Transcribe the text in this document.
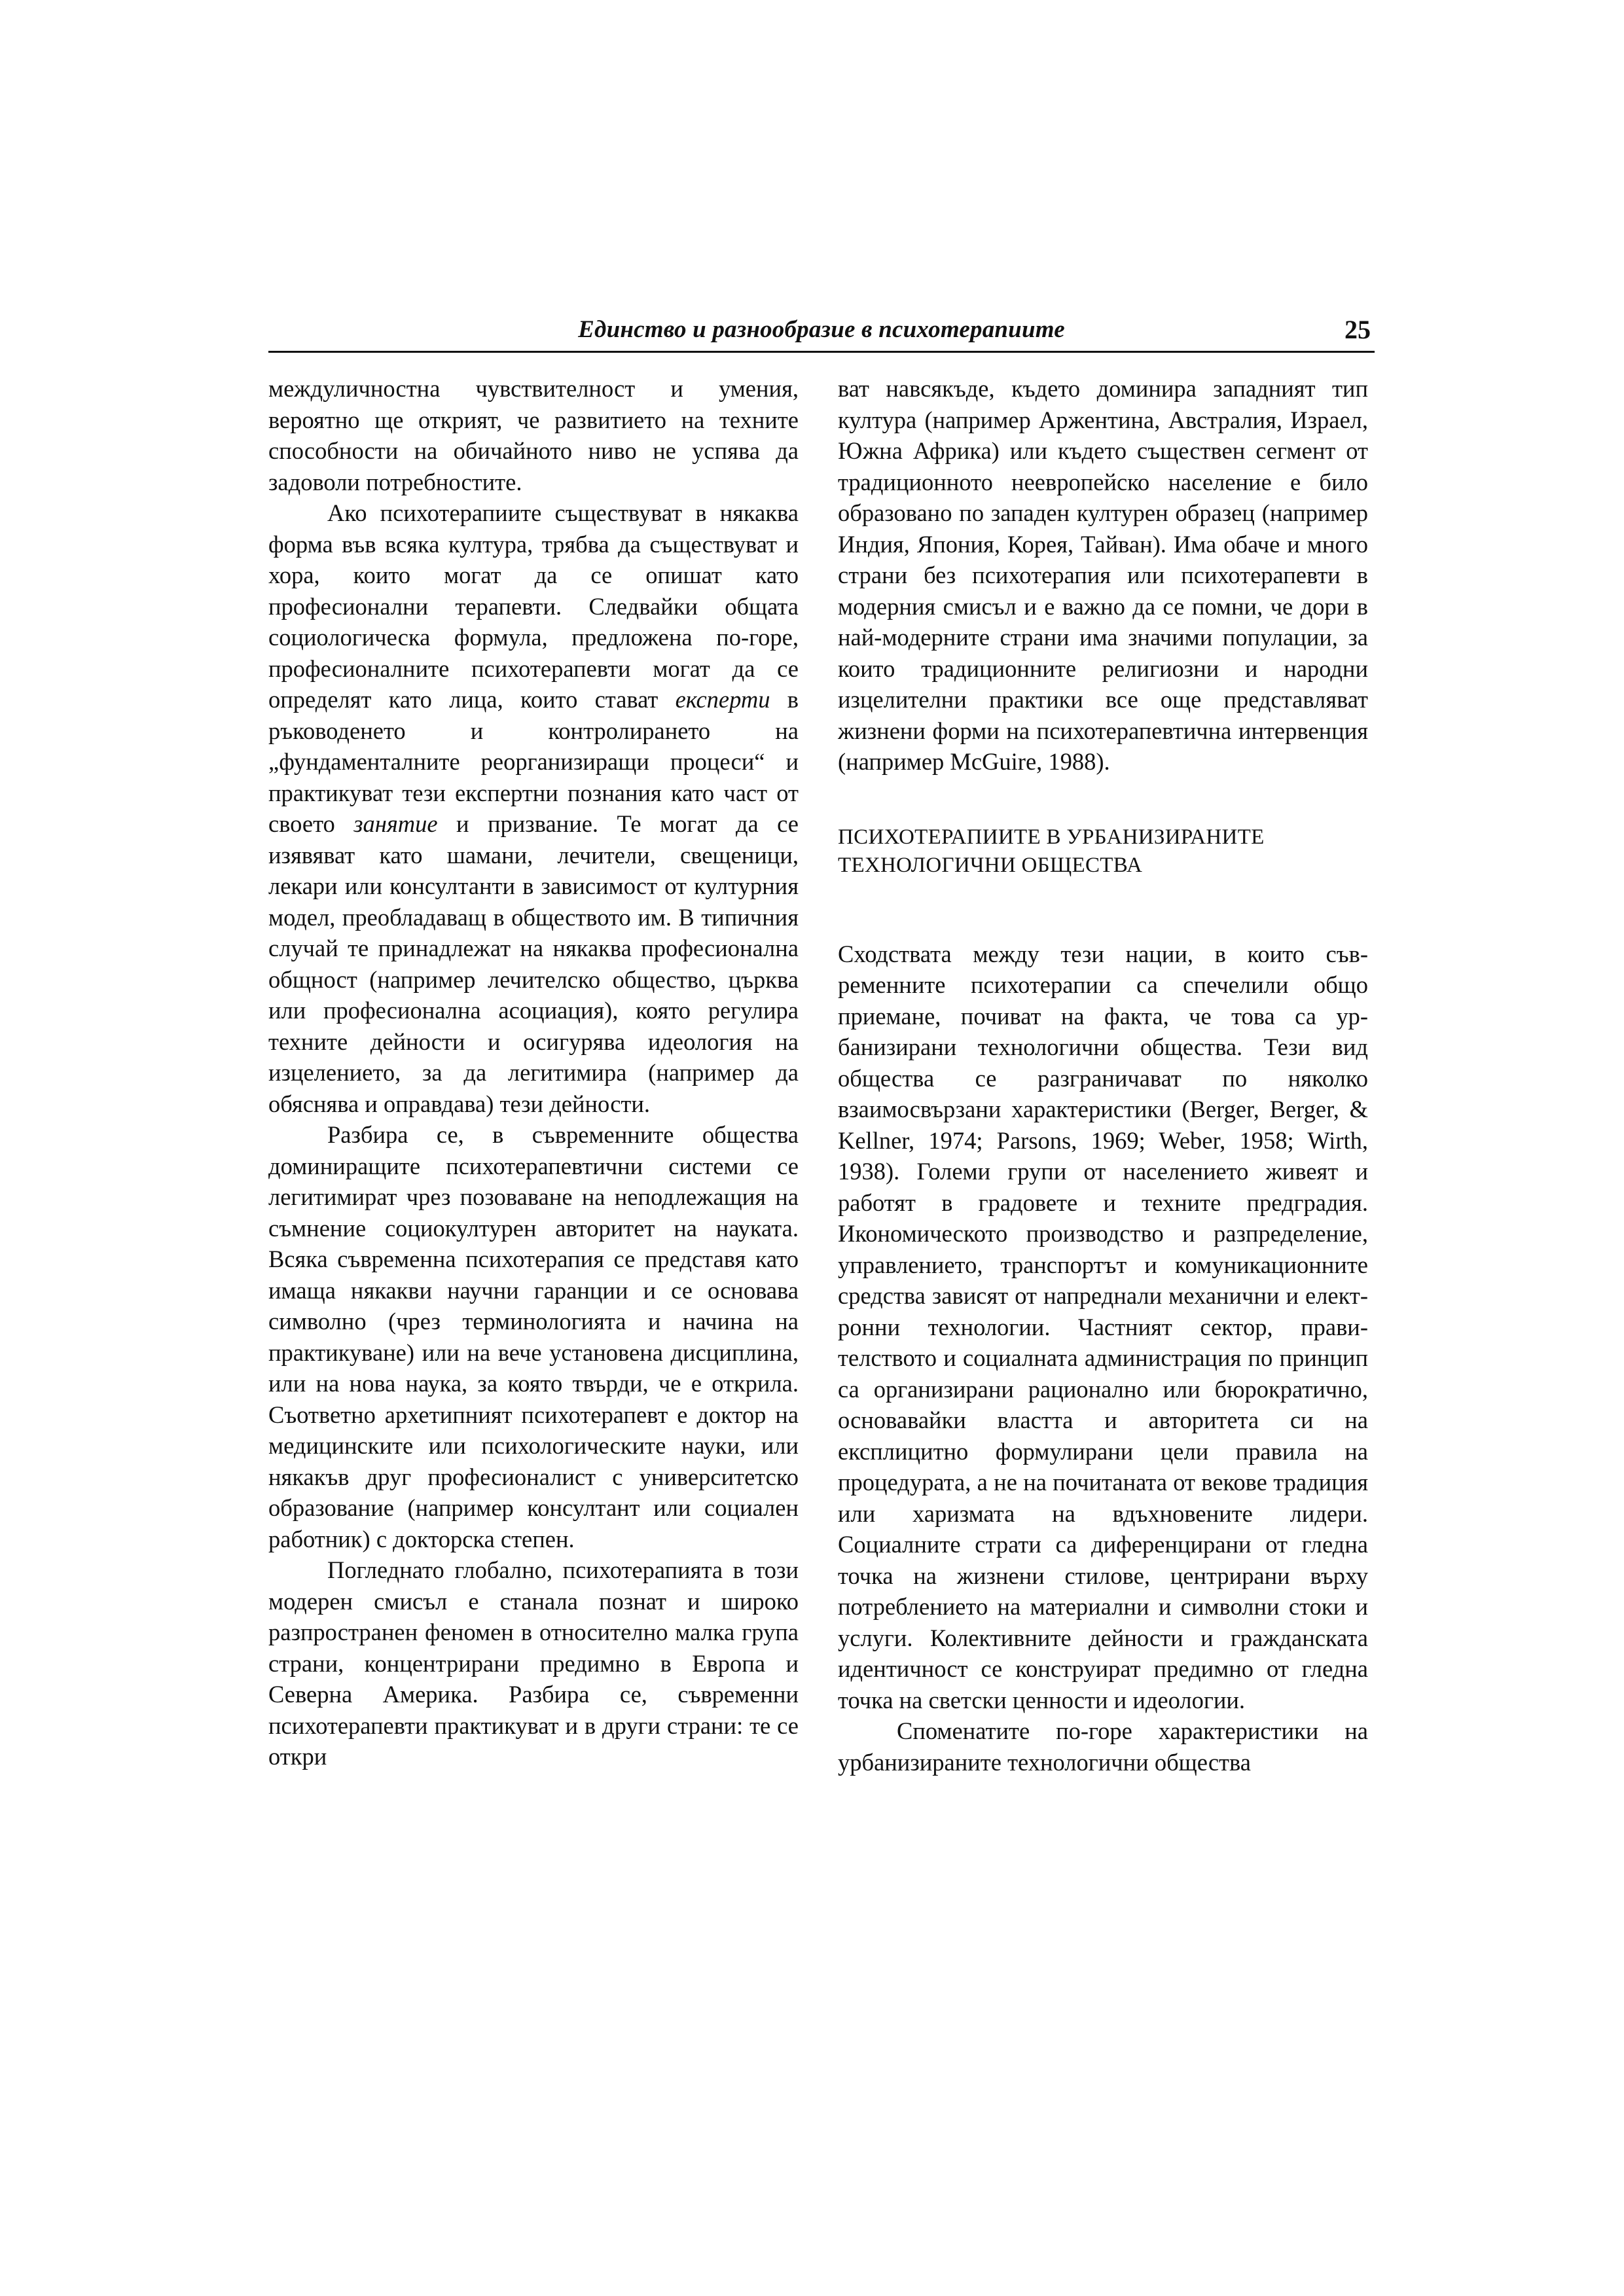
Единство и разнообразие в психотерапиите	25

междуличностна чувствителност и умения, вероятно ще открият, че развитието на техните способности на обичайното ниво не успява да задоволи потребностите.

Ако психотерапиите съществуват в някаква форма във всяка култура, трябва да съществуват и хора, които могат да се опишат като професионални терапевти. Следвайки общата социологическа формула, предложена по-горе, професионалните психотерапевти могат да се определят като лица, които стават експерти в ръководенето и контролирането на „фундаменталните реорганизиращи процеси“ и практикуват тези експертни познания като част от своето занятие и призвание. Те могат да се изявяват като шамани, лечители, свещеници, лекари или консултанти в зависимост от културния модел, преобладаващ в обществото им. В типичния случай те принадлежат на някаква професионална общност (например лечителско общество, църква или професионална асоциация), която регулира техните дейности и осигурява идеология на изцелението, за да легитимира (например да обяснява и оправдава) тези дейности.

Разбира се, в съвременните общества доминиращите психотерапевтични системи се легитимират чрез позоваване на неподлежащия на съмнение социокултурен авторитет на науката. Всяка съвременна психотерапия се представя като имаща някакви научни гаранции и се основава символно (чрез терминологията и начина на практикуване) или на вече установена дисциплина, или на нова наука, за която твърди, че е открила. Съответно архетипният психотерапевт е доктор на медицинските или психологическите науки, или някакъв друг професионалист с университетско образование (например консултант или социален работник) с докторска степен.

Погледнато глобално, психотерапията в този модерен смисъл е станала познат и широко разпространен феномен в относително малка група страни, концентрирани предимно в Европа и Северна Америка. Разбира се, съвременни психотерапевти практикуват и в други страни: те се откри

ват навсякъде, където доминира западният тип култура (например Аржентина, Австралия, Израел, Южна Африка) или където съществен сегмент от традиционното неевропейско население е било образовано по западен културен образец (например Индия, Япония, Корея, Тайван). Има обаче и много страни без психотерапия или психотерапевти в модерния смисъл и е важно да се помни, че дори в най-модерните страни има значими популации, за които традиционните религиозни и народни изцелителни практики все още представляват жизнени форми на психотерапевтична интервенция (например McGuire, 1988).

ПСИХОТЕРАПИИТЕ В УРБАНИЗИРАНИТЕ
ТЕХНОЛОГИЧНИ ОБЩЕСТВА

Сходствата между тези нации, в които съвременните психотерапии са спечелили общо приемане, почиват на факта, че това са урбанизирани технологични общества. Тези вид общества се разграничават по няколко взаимосвързани характеристики (Berger, Berger, & Kellner, 1974; Parsons, 1969; Weber, 1958; Wirth, 1938). Големи групи от населението живеят и работят в градовете и техните предградия. Икономическото производство и разпределение, управлението, транспортът и комуникационните средства зависят от напреднали механични и електронни технологии. Частният сектор, правителството и социалната администрация по принцип са организирани рационално или бюрократично, основавайки властта и авторитета си на експлицитно формулирани цели правила на процедурата, а не на почитаната от векове традиция или харизмата на вдъхновените лидери. Социалните страти са диференцирани от гледна точка на жизнени стилове, центрирани върху потреблението на материални и символни стоки и услуги. Колективните дейности и гражданската идентичност се конструират предимно от гледна точка на светски ценности и идеологии.

Споменатите по-горе характеристики на урбанизираните технологични общества
